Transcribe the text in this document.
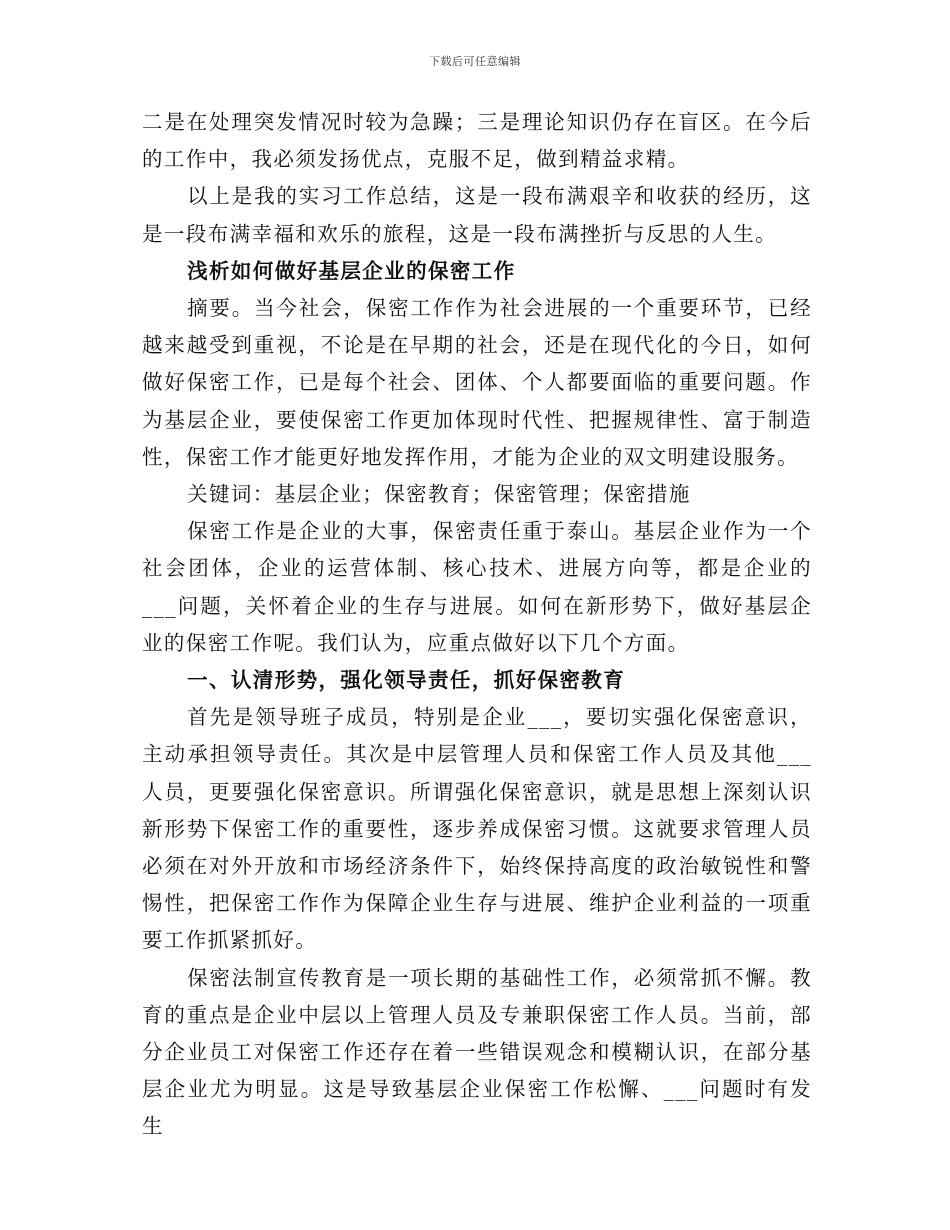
下载后可任意编辑

二是在处理突发情况时较为急躁；三是理论知识仍存在盲区。在今后的工作中，我必须发扬优点，克服不足，做到精益求精。

以上是我的实习工作总结，这是一段布满艰辛和收获的经历，这是一段布满幸福和欢乐的旅程，这是一段布满挫折与反思的人生。

浅析如何做好基层企业的保密工作

摘要。当今社会，保密工作作为社会进展的一个重要环节，已经越来越受到重视，不论是在早期的社会，还是在现代化的今日，如何做好保密工作，已是每个社会、团体、个人都要面临的重要问题。作为基层企业，要使保密工作更加体现时代性、把握规律性、富于制造性，保密工作才能更好地发挥作用，才能为企业的双文明建设服务。

关键词：基层企业；保密教育；保密管理；保密措施

保密工作是企业的大事，保密责任重于泰山。基层企业作为一个社会团体，企业的运营体制、核心技术、进展方向等，都是企业的___问题，关怀着企业的生存与进展。如何在新形势下，做好基层企业的保密工作呢。我们认为，应重点做好以下几个方面。

一、认清形势，强化领导责任，抓好保密教育

首先是领导班子成员，特别是企业___，要切实强化保密意识，主动承担领导责任。其次是中层管理人员和保密工作人员及其他___人员，更要强化保密意识。所谓强化保密意识，就是思想上深刻认识新形势下保密工作的重要性，逐步养成保密习惯。这就要求管理人员必须在对外开放和市场经济条件下，始终保持高度的政治敏锐性和警惕性，把保密工作作为保障企业生存与进展、维护企业利益的一项重要工作抓紧抓好。

保密法制宣传教育是一项长期的基础性工作，必须常抓不懈。教育的重点是企业中层以上管理人员及专兼职保密工作人员。当前，部分企业员工对保密工作还存在着一些错误观念和模糊认识，在部分基层企业尤为明显。这是导致基层企业保密工作松懈、___问题时有发生
